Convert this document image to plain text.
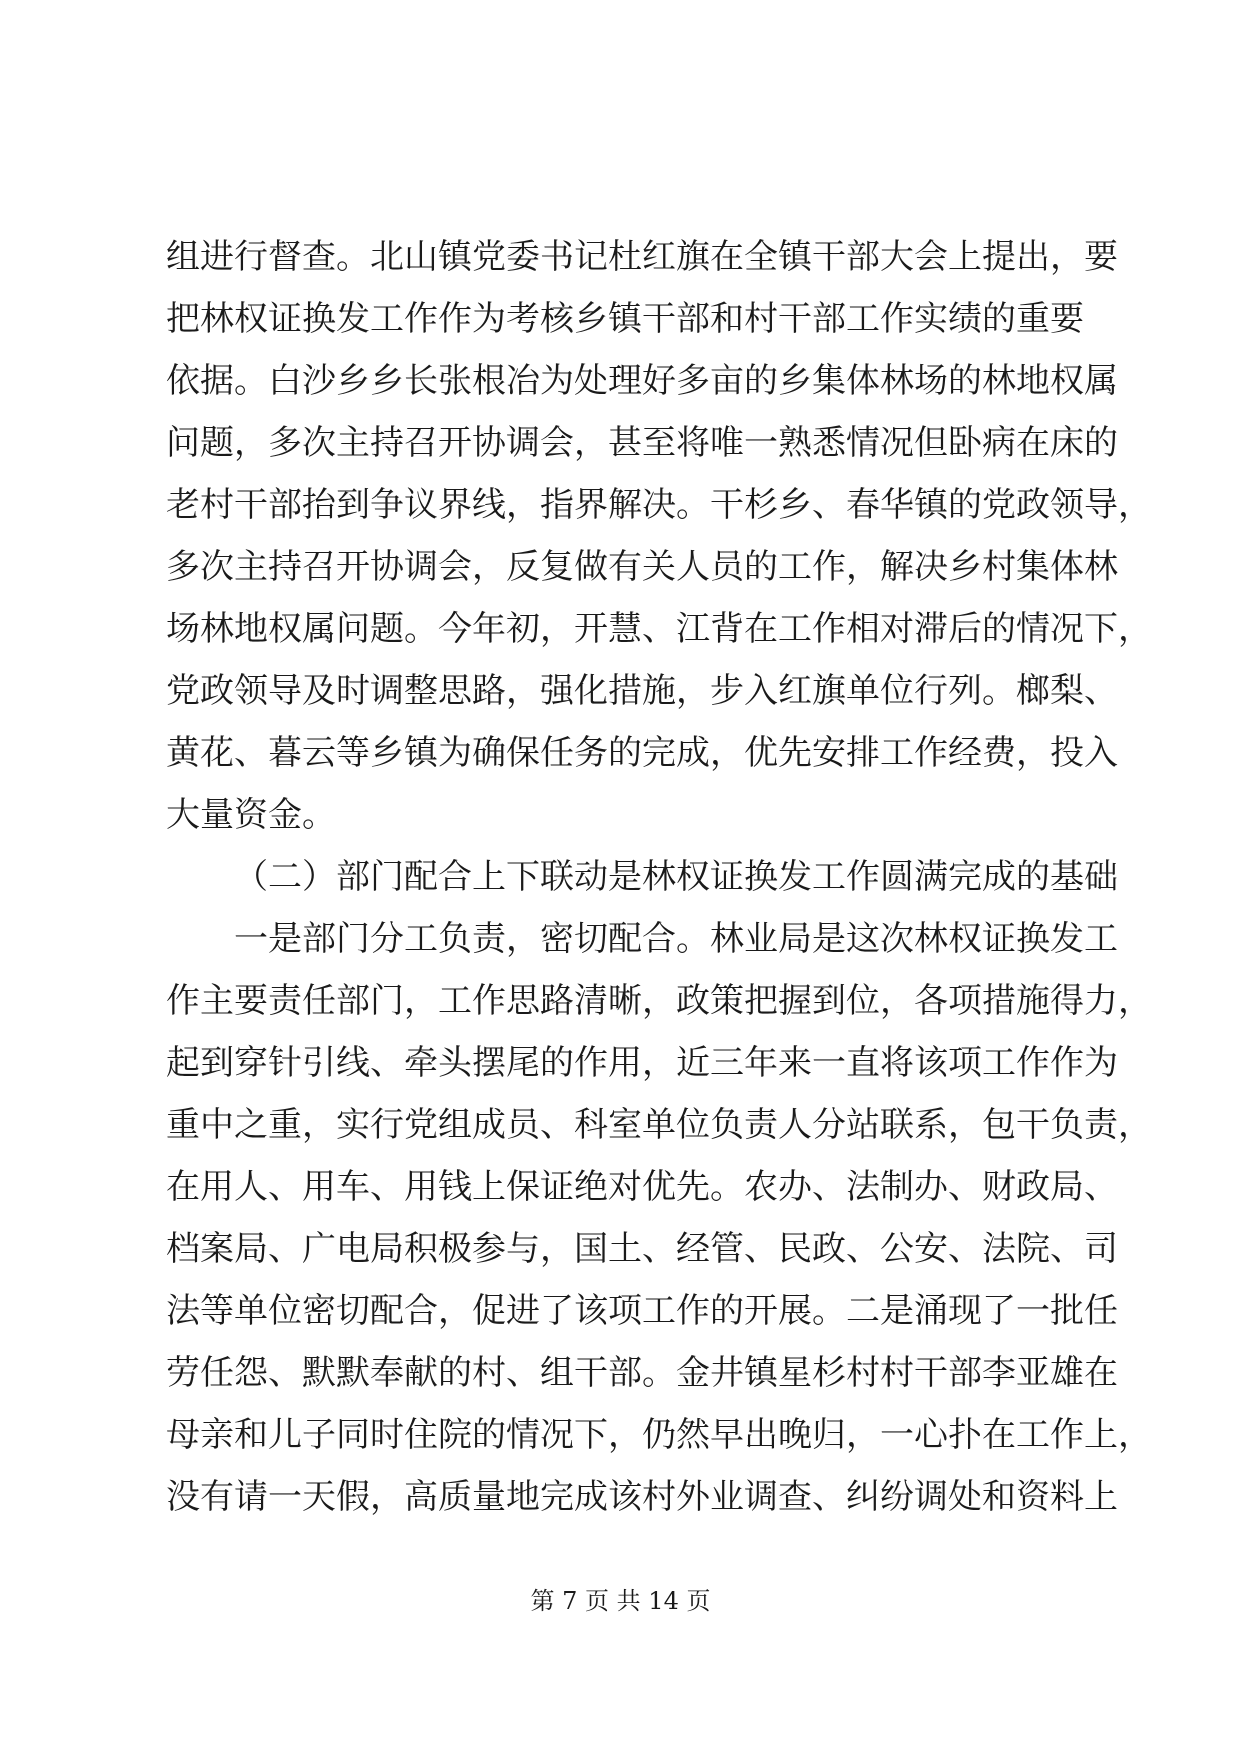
组进行督查。北山镇党委书记杜红旗在全镇干部大会上提出，要
把林权证换发工作作为考核乡镇干部和村干部工作实绩的重要
依据。白沙乡乡长张根冶为处理好多亩的乡集体林场的林地权属
问题，多次主持召开协调会，甚至将唯一熟悉情况但卧病在床的
老村干部抬到争议界线，指界解决。干杉乡、春华镇的党政领导，
多次主持召开协调会，反复做有关人员的工作，解决乡村集体林
场林地权属问题。今年初，开慧、江背在工作相对滞后的情况下，
党政领导及时调整思路，强化措施，步入红旗单位行列。榔梨、
黄花、暮云等乡镇为确保任务的完成，优先安排工作经费，投入
大量资金。
（二）部门配合上下联动是林权证换发工作圆满完成的基础
一是部门分工负责，密切配合。林业局是这次林权证换发工
作主要责任部门，工作思路清晰，政策把握到位，各项措施得力，
起到穿针引线、牵头摆尾的作用，近三年来一直将该项工作作为
重中之重，实行党组成员、科室单位负责人分站联系，包干负责，
在用人、用车、用钱上保证绝对优先。农办、法制办、财政局、
档案局、广电局积极参与，国土、经管、民政、公安、法院、司
法等单位密切配合，促进了该项工作的开展。二是涌现了一批任
劳任怨、默默奉献的村、组干部。金井镇星杉村村干部李亚雄在
母亲和儿子同时住院的情况下，仍然早出晚归，一心扑在工作上，
没有请一天假，高质量地完成该村外业调查、纠纷调处和资料上
第 7 页 共 14 页
